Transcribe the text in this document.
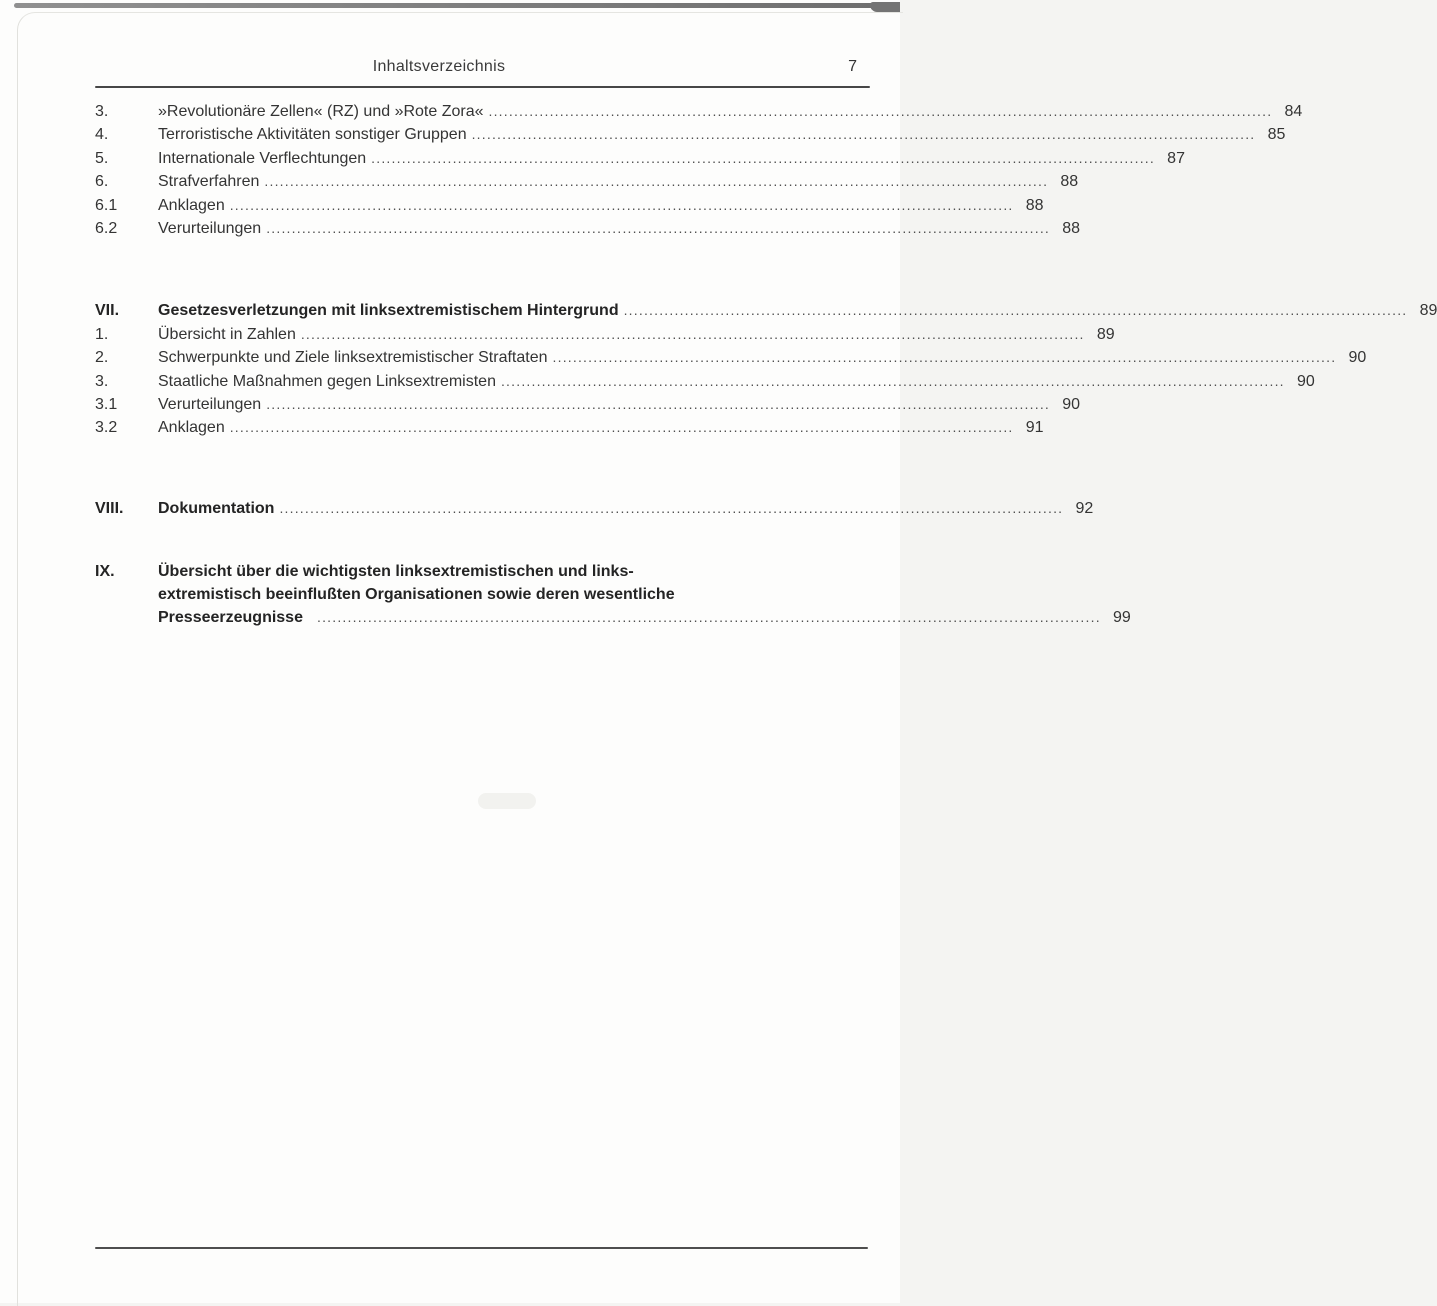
Inhaltsverzeichnis	7
3.	»Revolutionäre Zellen« (RZ) und »Rote Zora« .....	84
4.	Terroristische Aktivitäten sonstiger Gruppen .....	85
5.	Internationale Verflechtungen .....	87
6.	Strafverfahren .....	88
6.1	Anklagen .....	88
6.2	Verurteilungen .....	88
VII.	Gesetzesverletzungen mit linksextremistischem Hintergrund .....	89
1.	Übersicht in Zahlen .....	89
2.	Schwerpunkte und Ziele linksextremistischer Straftaten .....	90
3.	Staatliche Maßnahmen gegen Linksextremisten .....	90
3.1	Verurteilungen .....	90
3.2	Anklagen .....	91
VIII.	Dokumentation .....	92
IX.	Übersicht über die wichtigsten linksextremistischen und links-
extremistisch beeinflußten Organisationen sowie deren wesentliche
Presseerzeugnisse .....	99
